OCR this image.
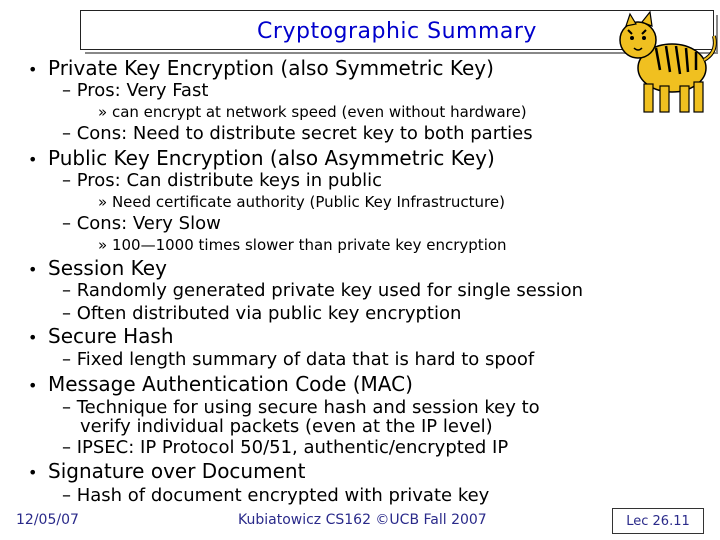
Cryptographic Summary
•
•
•
•
•
•
Private Key Encryption (also Symmetric Key)
– Pros: Very Fast
» can encrypt at network speed (even without hardware)
– Cons: Need to distribute secret key to both parties
Public Key Encryption (also Asymmetric Key)
– Pros: Can distribute keys in public
» Need certificate authority (Public Key Infrastructure)
– Cons: Very Slow
» 100—1000 times slower than private key encryption
Session Key
– Randomly generated private key used for single session
– Often distributed via public key encryption
Secure Hash
– Fixed length summary of data that is hard to spoof
Message Authentication Code (MAC)
– Technique for using secure hash and session key to
verify individual packets (even at the IP level)
– IPSEC: IP Protocol 50/51, authentic/encrypted IP
Signature over Document
– Hash of document encrypted with private key
12/05/07	Kubiatowicz CS162 ©UCB Fall 2007	Lec 26.11
